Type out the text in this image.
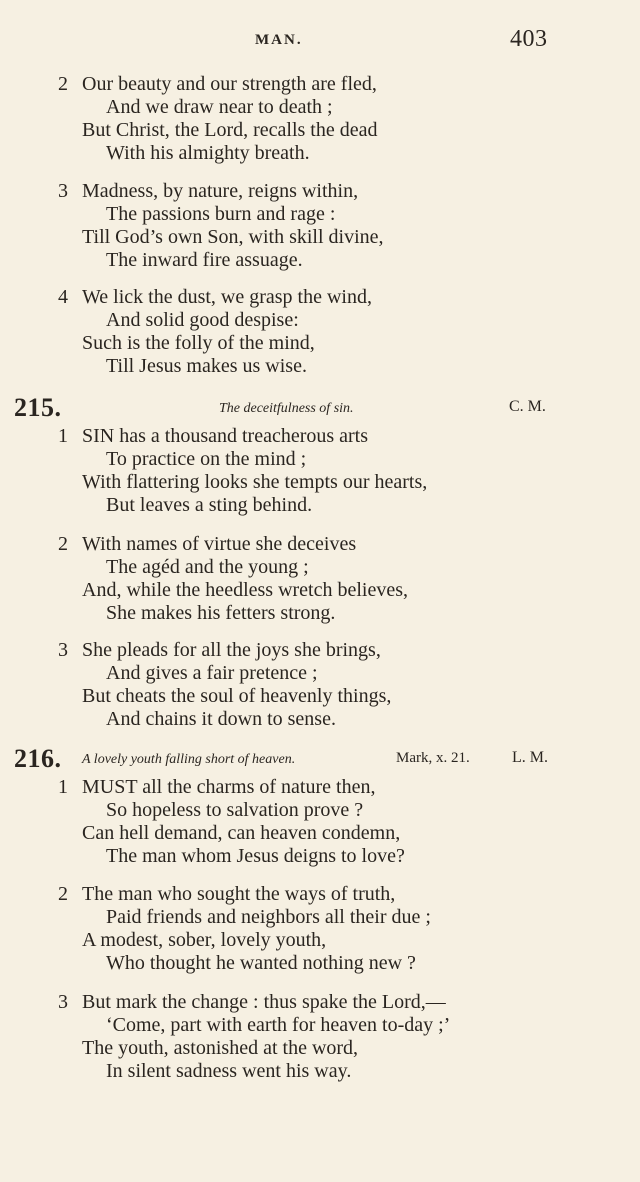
MAN.	403
2 Our beauty and our strength are fled,
And we draw near to death ;
But Christ, the Lord, recalls the dead
With his almighty breath.
3 Madness, by nature, reigns within,
The passions burn and rage :
Till God’s own Son, with skill divine,
The inward fire assuage.
4 We lick the dust, we grasp the wind,
And solid good despise:
Such is the folly of the mind,
Till Jesus makes us wise.
215.	The deceitfulness of sin.	C. M.
1 SIN has a thousand treacherous arts
To practice on the mind ;
With flattering looks she tempts our hearts,
But leaves a sting behind.
2 With names of virtue she deceives
The agéd and the young ;
And, while the heedless wretch believes,
She makes his fetters strong.
3 She pleads for all the joys she brings,
And gives a fair pretence ;
But cheats the soul of heavenly things,
And chains it down to sense.
216. A lovely youth falling short of heaven.	Mark, x. 21.	L. M.
1 MUST all the charms of nature then,
So hopeless to salvation prove ?
Can hell demand, can heaven condemn,
The man whom Jesus deigns to love?
2 The man who sought the ways of truth,
Paid friends and neighbors all their due ;
A modest, sober, lovely youth,
Who thought he wanted nothing new ?
3 But mark the change : thus spake the Lord,—
‘Come, part with earth for heaven to-day ;’
The youth, astonished at the word,
In silent sadness went his way.
